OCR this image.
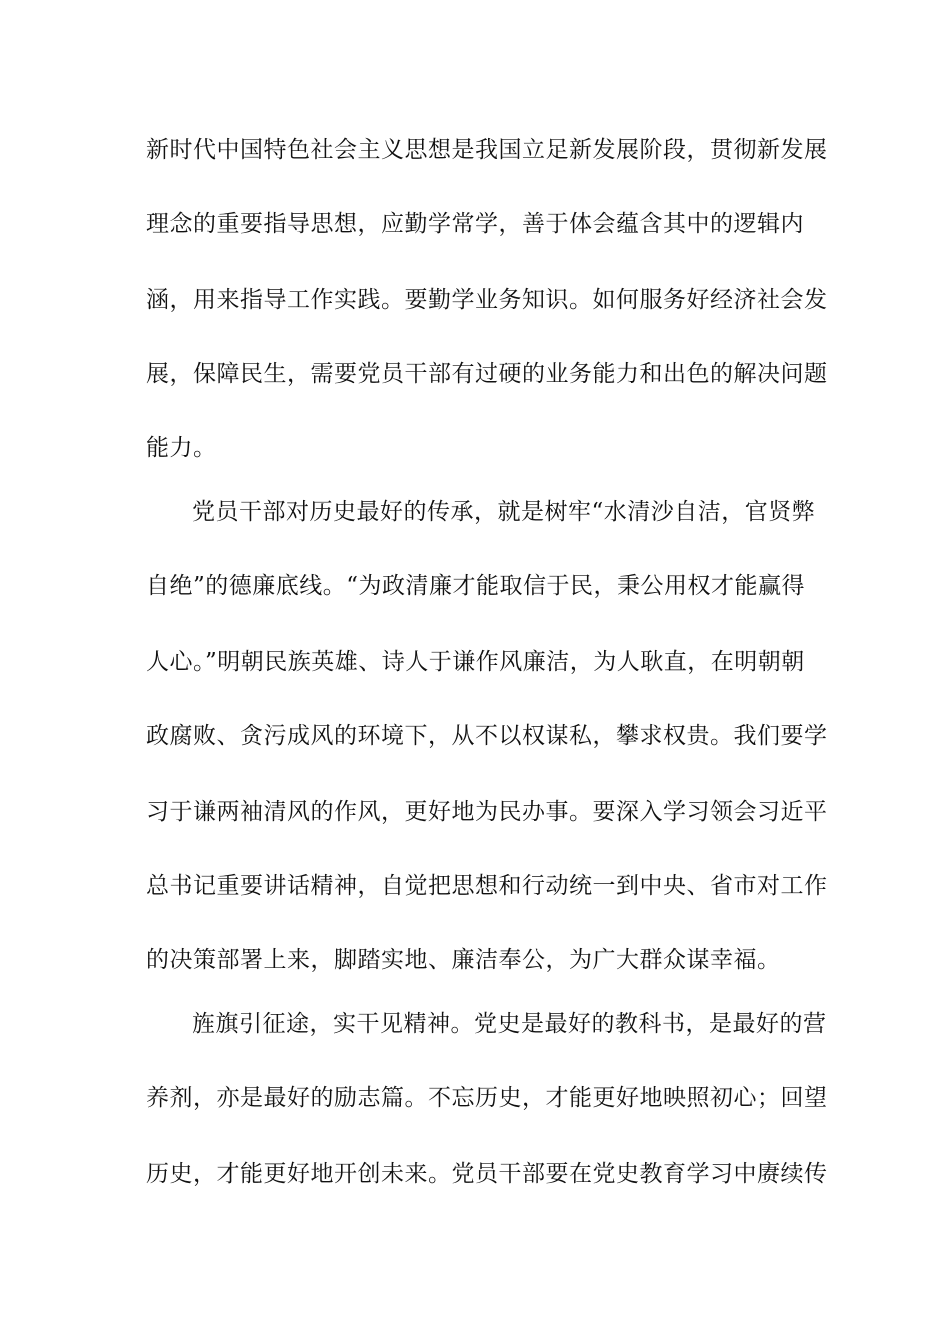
新时代中国特色社会主义思想是我国立足新发展阶段，贯彻新发展
理念的重要指导思想，应勤学常学，善于体会蕴含其中的逻辑内
涵，用来指导工作实践。要勤学业务知识。如何服务好经济社会发
展，保障民生，需要党员干部有过硬的业务能力和出色的解决问题
能力。
党员干部对历史最好的传承，就是树牢“水清沙自洁，官贤弊
自绝”的德廉底线。“为政清廉才能取信于民，秉公用权才能赢得
人心。”明朝民族英雄、诗人于谦作风廉洁，为人耿直，在明朝朝
政腐败、贪污成风的环境下，从不以权谋私，攀求权贵。我们要学
习于谦两袖清风的作风，更好地为民办事。要深入学习领会习近平
总书记重要讲话精神，自觉把思想和行动统一到中央、省市对工作
的决策部署上来，脚踏实地、廉洁奉公，为广大群众谋幸福。
旌旗引征途，实干见精神。党史是最好的教科书，是最好的营
养剂，亦是最好的励志篇。不忘历史，才能更好地映照初心；回望
历史，才能更好地开创未来。党员干部要在党史教育学习中赓续传
